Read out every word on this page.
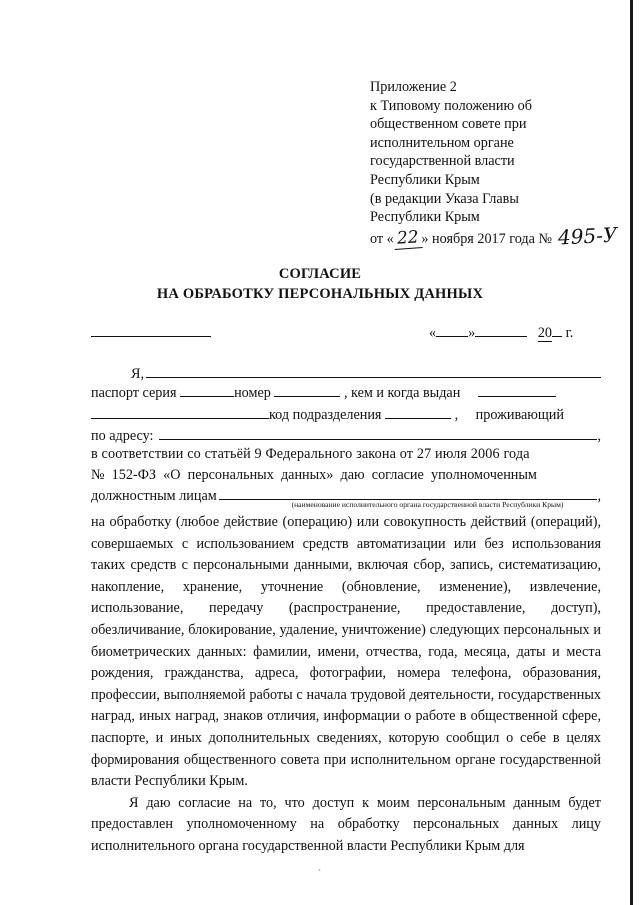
Приложение 2
к Типовому положению об
общественном совете при
исполнительном органе
государственной власти
Республики Крым
(в редакции Указа Главы
Республики Крым
от « 22 » ноября 2017 года № 495-У
СОГЛАСИЕ
НА ОБРАБОТКУ ПЕРСОНАЛЬНЫХ ДАННЫХ
« »	20 г.
Я,
паспорт серия	номер	, кем и когда выдан
код подразделения	, проживающий
по адресу:	,
в соответствии со статьёй 9 Федерального закона от 27 июля 2006 года
№ 152-ФЗ «О персональных данных» даю согласие уполномоченным
должностным лицам	,
(наименование исполнительного органа государственной власти Республики Крым)

на обработку (любое действие (операцию) или совокупность действий (операций), совершаемых с использованием средств автоматизации или без использования таких средств с персональными данными, включая сбор, запись, систематизацию, накопление, хранение, уточнение (обновление, изменение), извлечение, использование, передачу (распространение, предоставление, доступ), обезличивание, блокирование, удаление, уничтожение) следующих персональных и биометрических данных: фамилии, имени, отчества, года, месяца, даты и места рождения, гражданства, адреса, фотографии, номера телефона, образования, профессии, выполняемой работы с начала трудовой деятельности, государственных наград, иных наград, знаков отличия, информации о работе в общественной сфере, паспорте, и иных дополнительных сведениях, которую сообщил о себе в целях формирования общественного совета при исполнительном органе государственной власти Республики Крым.

Я даю согласие на то, что доступ к моим персональным данным будет предоставлен уполномоченному на обработку персональных данных лицу исполнительного органа государственной власти Республики Крым для

ˋ
